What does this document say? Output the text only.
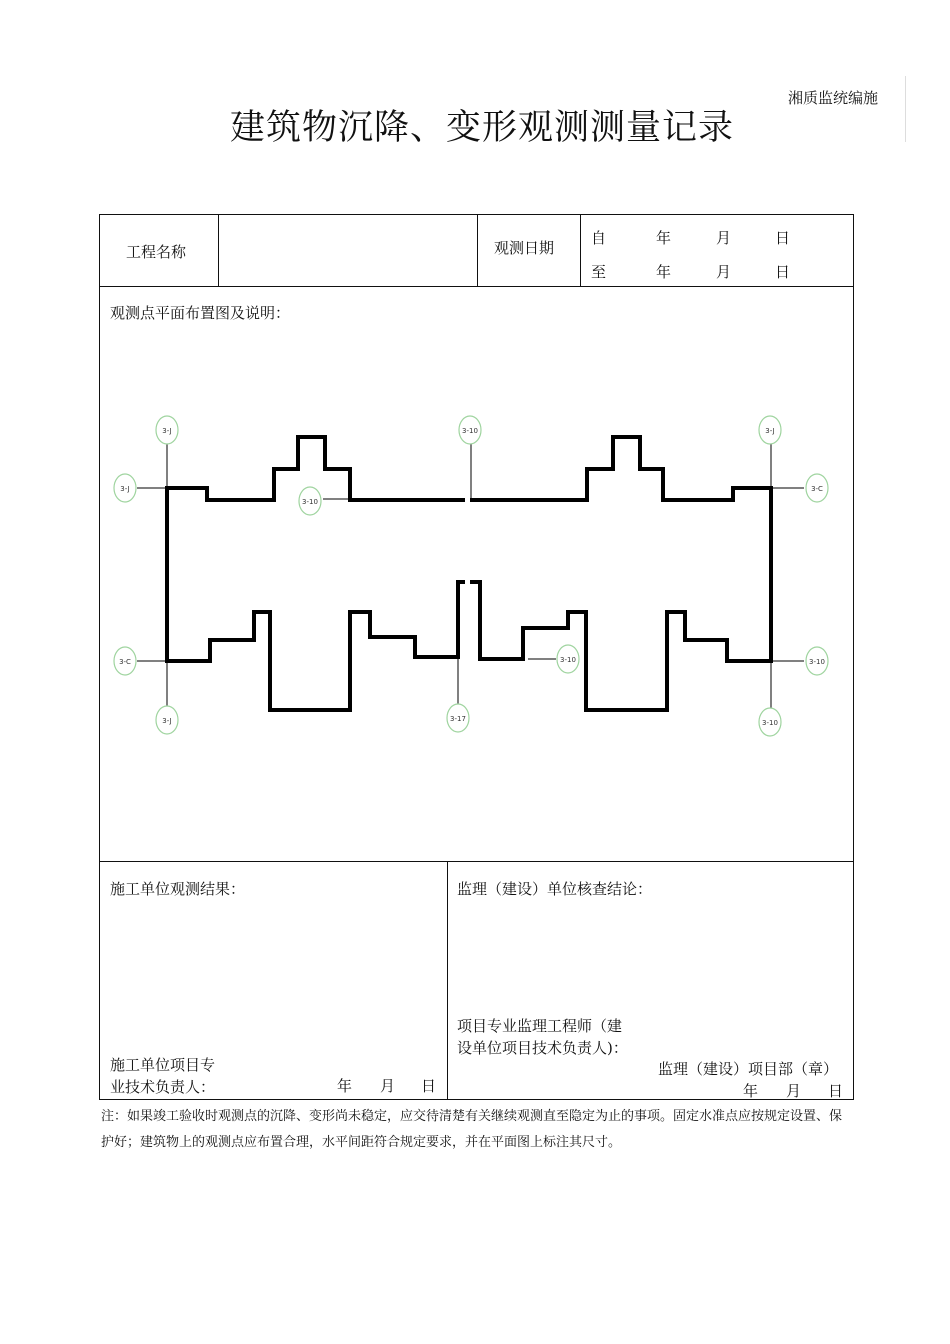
建筑物沉降、变形观测测量记录
湘质监统编施
工程名称	观测日期
自	年	月	日
至	年	月	日
观测点平面布置图及说明：
3-J
3-J
3-C
3-J
3-10
3-10
3-17
3-10
3-J
3-C
3-10
3-10
施工单位观测结果：
施工单位项目专
业技术负责人：	年 月 日
监理（建设）单位核查结论：
项目专业监理工程师（建
设单位项目技术负责人)：
监理（建设）项目部（章）
年 月 日
注：如果竣工验收时观测点的沉降、变形尚未稳定，应交待清楚有关继续观测直至隐定为止的事项。固定水准点应按规定设置、保护好；建筑物上的观测点应布置合理，水平间距符合规定要求，并在平面图上标注其尺寸。
